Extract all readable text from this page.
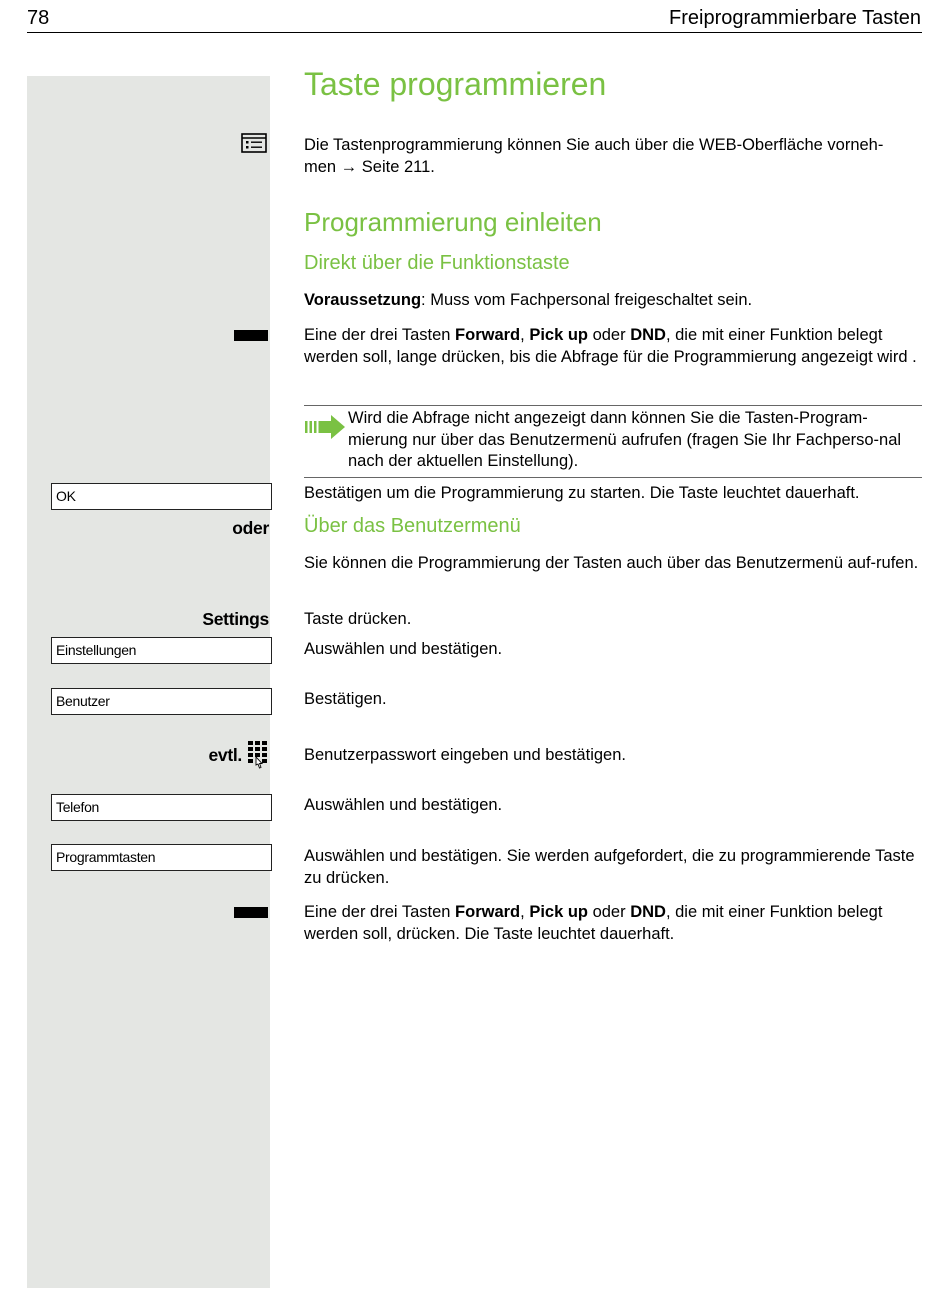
78	Freiprogrammierbare Tasten
Taste programmieren
Die Tastenprogrammierung können Sie auch über die WEB-Oberfläche vorneh-
men → Seite 211.
Programmierung einleiten
Direkt über die Funktionstaste
Voraussetzung: Muss vom Fachpersonal freigeschaltet sein.
Eine der drei Tasten Forward, Pick up oder DND, die mit einer Funktion belegt werden soll, lange drücken, bis die Abfrage für die Programmierung angezeigt wird .
Wird die Abfrage nicht angezeigt dann können Sie die Tasten-Program-mierung nur über das Benutzermenü aufrufen (fragen Sie Ihr Fachperso-nal nach der aktuellen Einstellung).
OK	Bestätigen um die Programmierung zu starten. Die Taste leuchtet dauerhaft.
oder Über das Benutzermenü
Sie können die Programmierung der Tasten auch über das Benutzermenü auf-rufen.
Settings Taste drücken.
Einstellungen	Auswählen und bestätigen.
Benutzer	Bestätigen.
evtl.	Benutzerpasswort eingeben und bestätigen.
Telefon	Auswählen und bestätigen.
Programmtasten	Auswählen und bestätigen. Sie werden aufgefordert, die zu programmierende Taste zu drücken.
Eine der drei Tasten Forward, Pick up oder DND, die mit einer Funktion belegt werden soll, drücken. Die Taste leuchtet dauerhaft.
